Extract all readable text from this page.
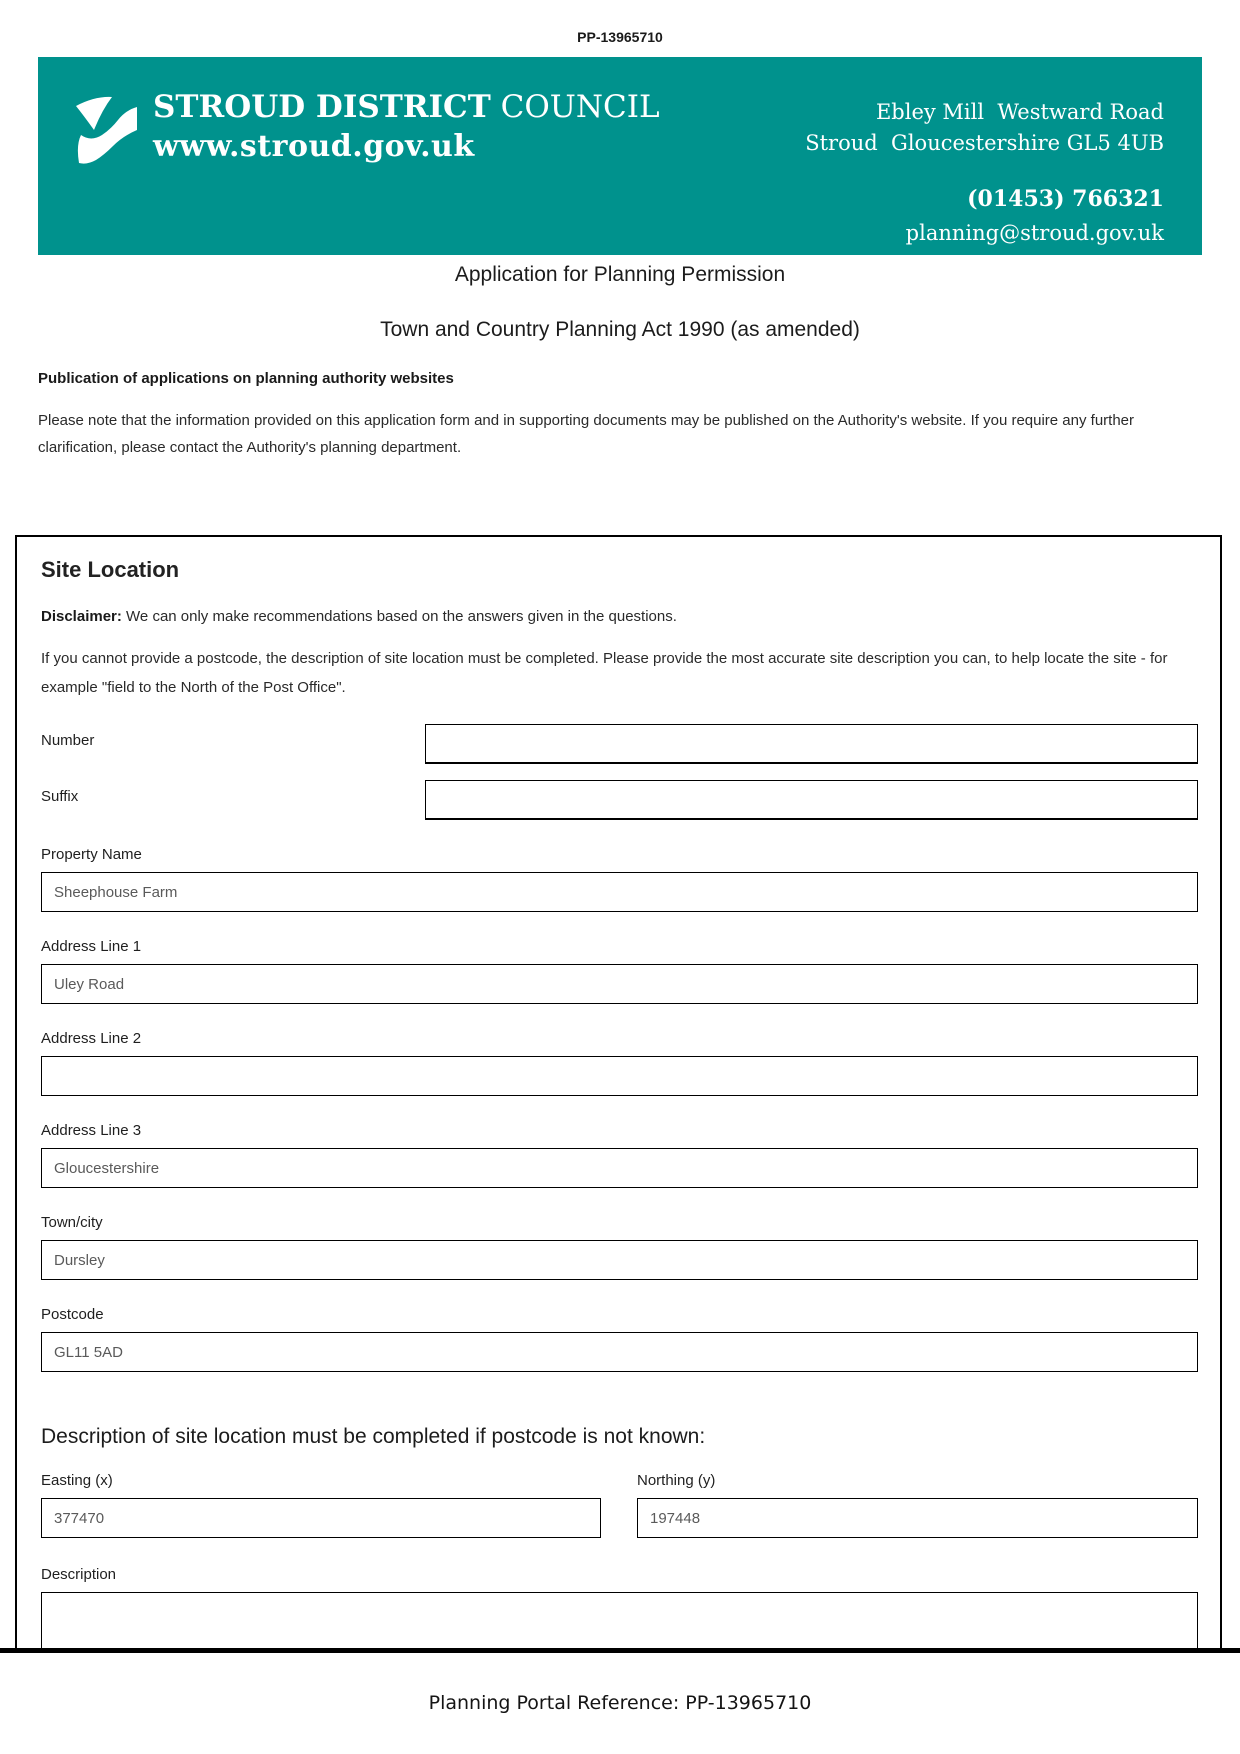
PP-13965710
STROUD DISTRICT COUNCIL
www.stroud.gov.uk
Ebley Mill  Westward Road
Stroud  Gloucestershire GL5 4UB
(01453) 766321
planning@stroud.gov.uk
Application for Planning Permission
Town and Country Planning Act 1990 (as amended)
Publication of applications on planning authority websites
Please note that the information provided on this application form and in supporting documents may be published on the Authority's website. If you require any further clarification, please contact the Authority's planning department.
Site Location
Disclaimer: We can only make recommendations based on the answers given in the questions.
If you cannot provide a postcode, the description of site location must be completed. Please provide the most accurate site description you can, to help locate the site - for example "field to the North of the Post Office".
Number
Suffix
Property Name
Sheephouse Farm
Address Line 1
Uley Road
Address Line 2
Address Line 3
Gloucestershire
Town/city
Dursley
Postcode
GL11 5AD
Description of site location must be completed if postcode is not known:
Easting (x)
377470	Northing (y)
197448
Description
Planning Portal Reference: PP-13965710
